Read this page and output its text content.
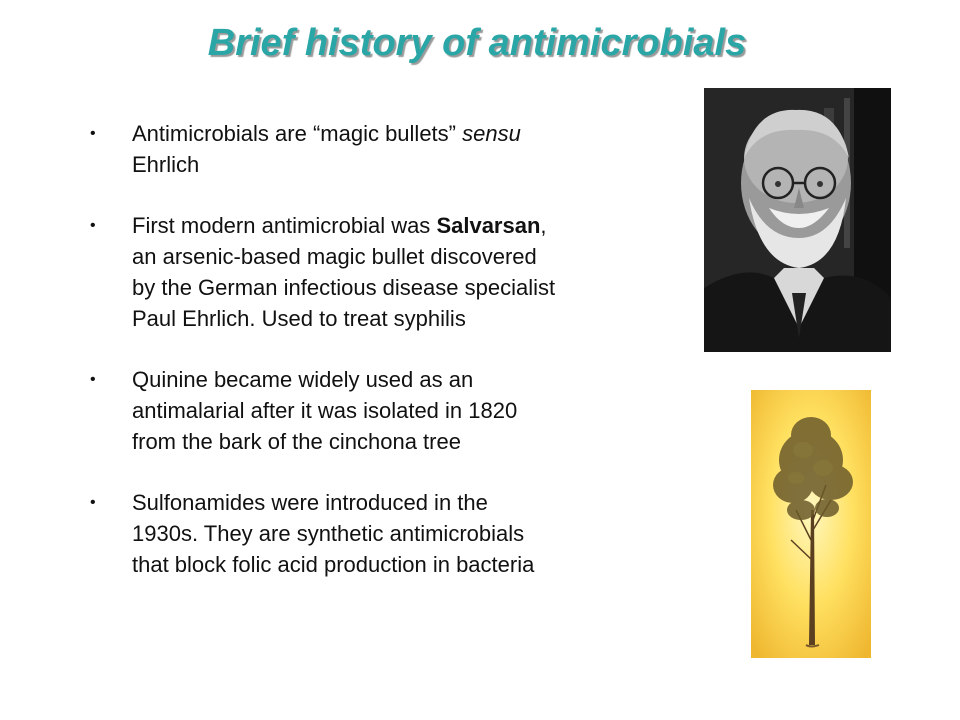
Brief history of antimicrobials
• Antimicrobials are “magic bullets” sensu
Ehrlich
• First modern antimicrobial was Salvarsan,
an arsenic-based magic bullet discovered
by the German infectious disease specialist
Paul Ehrlich. Used to treat syphilis
• Quinine became widely used as an
antimalarial after it was isolated in 1820
from the bark of the cinchona tree
• Sulfonamides were introduced in the
1930s. They are synthetic antimicrobials
that block folic acid production in bacteria
